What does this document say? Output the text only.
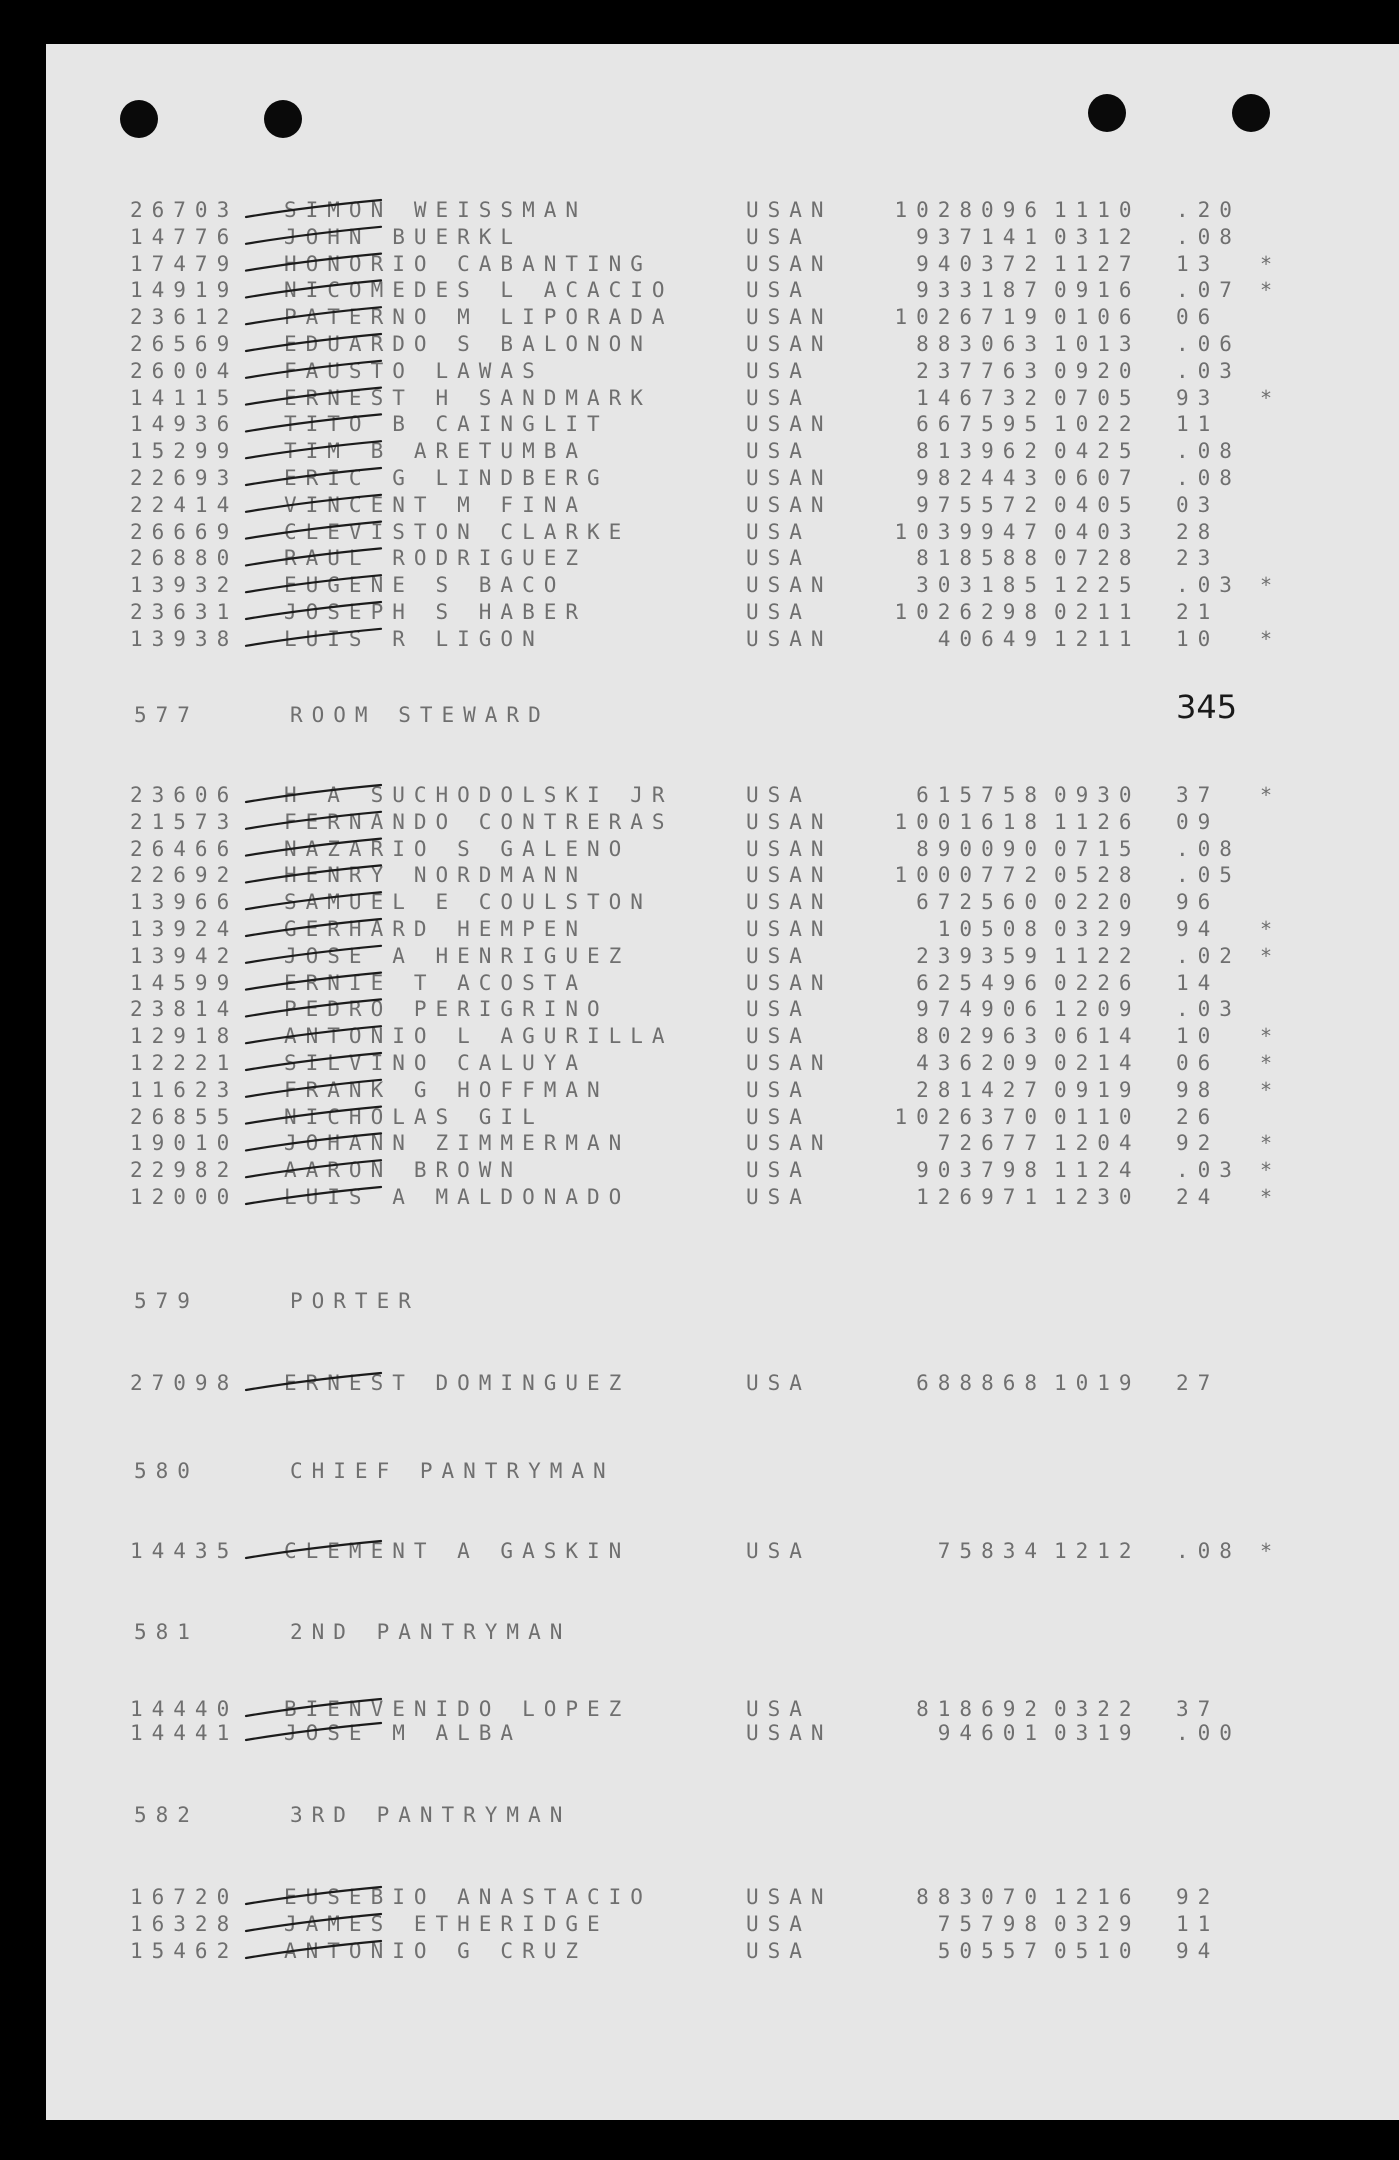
345
26703 SIMON WEISSMAN	USAN	1028096 1110 .20
14776 JOHN BUERKL	USA	937141 0312 .08
17479 HONORIO CABANTING	USAN	940372 1127 13 *
14919 NICOMEDES L ACACIO	USA	933187 0916 .07 *
23612 PATERNO M LIPORADA	USAN	1026719 0106 06
26569 EDUARDO S BALONON	USAN	883063 1013 .06
26004 FAUSTO LAWAS	USA	237763 0920 .03
14115 ERNEST H SANDMARK	USA	146732 0705 93 *
14936 TITO B CAINGLIT	USAN	667595 1022 11
15299 TIM B ARETUMBA	USA	813962 0425 .08
22693 ERIC G LINDBERG	USAN	982443 0607 .08
22414 VINCENT M FINA	USAN	975572 0405 03
26669 CLEVISTON CLARKE	USA	1039947 0403 28
26880 RAUL RODRIGUEZ	USA	818588 0728 23
13932 EUGENE S BACO	USAN	303185 1225 .03 *
23631 JOSEPH S HABER	USA	1026298 0211 21
13938 LUIS R LIGON	USAN	40649 1211 10 *
577	ROOM STEWARD
23606 H A SUCHODOLSKI JR	USA	615758 0930 37 *
21573 FERNANDO CONTRERAS	USAN	1001618 1126 09
26466 NAZARIO S GALENO	USAN	890090 0715 .08
22692 HENRY NORDMANN	USAN	1000772 0528 .05
13966 SAMUEL E COULSTON	USAN	672560 0220 96
13924 GERHARD HEMPEN	USAN	10508 0329 94 *
13942 JOSE A HENRIGUEZ	USA	239359 1122 .02 *
14599 ERNIE T ACOSTA	USAN	625496 0226 14
23814 PEDRO PERIGRINO	USA	974906 1209 .03
12918 ANTONIO L AGURILLA	USA	802963 0614 10 *
12221 SILVINO CALUYA	USAN	436209 0214 06 *
11623 FRANK G HOFFMAN	USA	281427 0919 98 *
26855 NICHOLAS GIL	USA	1026370 0110 26
19010 JOHANN ZIMMERMAN	USAN	72677 1204 92 *
22982 AARON BROWN	USA	903798 1124 .03 *
12000 LUIS A MALDONADO	USA	126971 1230 24 *
579	PORTER
27098 ERNEST DOMINGUEZ	USA	688868 1019 27
580	CHIEF PANTRYMAN
14435 CLEMENT A GASKIN	USA	75834 1212 .08 *
581	2ND PANTRYMAN
14440 BIENVENIDO LOPEZ	USA	818692 0322 37
14441 JOSE M ALBA	USAN	94601 0319 .00
582	3RD PANTRYMAN
16720 EUSEBIO ANASTACIO	USAN	883070 1216 92
16328 JAMES ETHERIDGE	USA	75798 0329 11
15462 ANTONIO G CRUZ	USA	50557 0510 94
